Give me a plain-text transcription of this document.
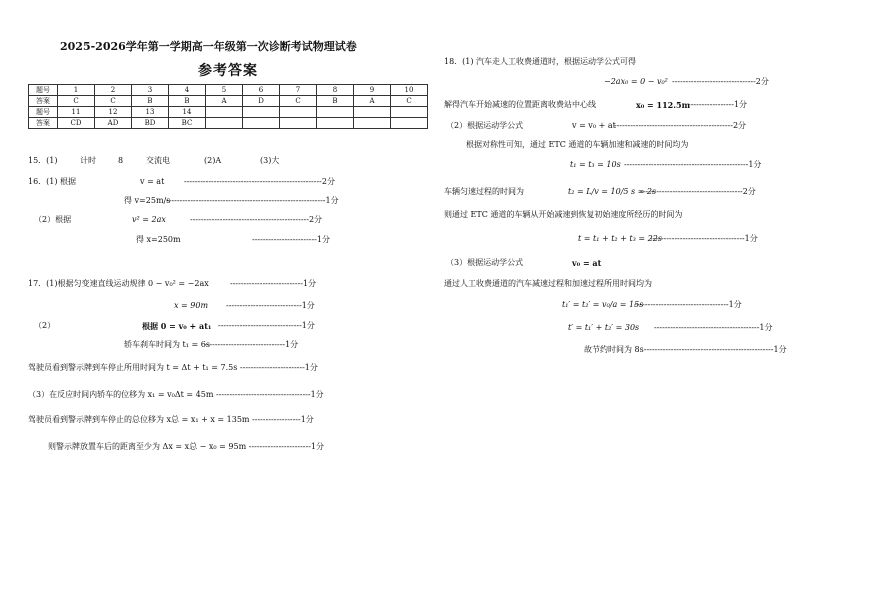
2025-2026学年第一学期高一年级第一次诊断考试物理试卷
参考答案
题号	1	2	3	4	5	6	7	8	9	10
答案	C	C	B	B	A	D	C	B	A	C
题号	11	12	13	14						
答案	CD	AD	BD	BC						
15．(1)	计时	8	交流电	(2)A	(3)大
16．(1) 根据	v = at ---------------------------------------------------2分
得 v=25m/s
-----------------------------------------------------------1分
（2）根据	v² = 2ax	--------------------------------------------2分
得 x=250m	------------------------1分
17．(1)根据匀变速直线运动规律 0 − v₀² = −2ax	---------------------------1分
x = 90m ----------------------------1分
（2）	根据 0 = v₀ + at₁ -------------------------------1分
轿车刹车时间为 t₁ = 6s
------------------------------1分
驾驶员看到警示牌到车停止所用时间为 t = Δt + t₁ = 7.5s ------------------------1分
（3）在反应时间内轿车的位移为 x₁ = v₀Δt = 45m -----------------------------------1分
驾驶员看到警示牌到车停止的总位移为 x总 = x₁ + x = 135m ------------------1分
则警示牌放置车后的距离至少为 Δx = x总 − x₀ = 95m -----------------------1分
18．(1) 汽车走人工收费通道时，根据运动学公式可得
−2ax₀ = 0 − v₀² -------------------------------2分
解得汽车开始减速的位置距离收费站中心线	x₀ = 112.5m
-----------------1分
（2）根据运动学公式	v = v₀ + at
--------------------------------------------2分
根据对称性可知，通过 ETC 通道的车辆加速和减速的时间均为
t₁ = t₃ = 10s ----------------------------------------------1分
车辆匀速过程的时间为	t₂ = L/v = 10/5 s = 2s
--------------------------------------2分
则通过 ETC 通道的车辆从开始减速到恢复初始速度所经历的时间为
t = t₁ + t₂ + t₃ = 22s
-----------------------------------1分
（3）根据运动学公式	v₀ = at
通过人工收费通道的汽车减速过程和加速过程所用时间均为
t₁′ = t₂′ = v₀/a = 15s
-----------------------------------1分
t′ = t₁′ + t₂′ = 30s ---------------------------------------1分
故节约时间为 8s------------------------------------------------1分
